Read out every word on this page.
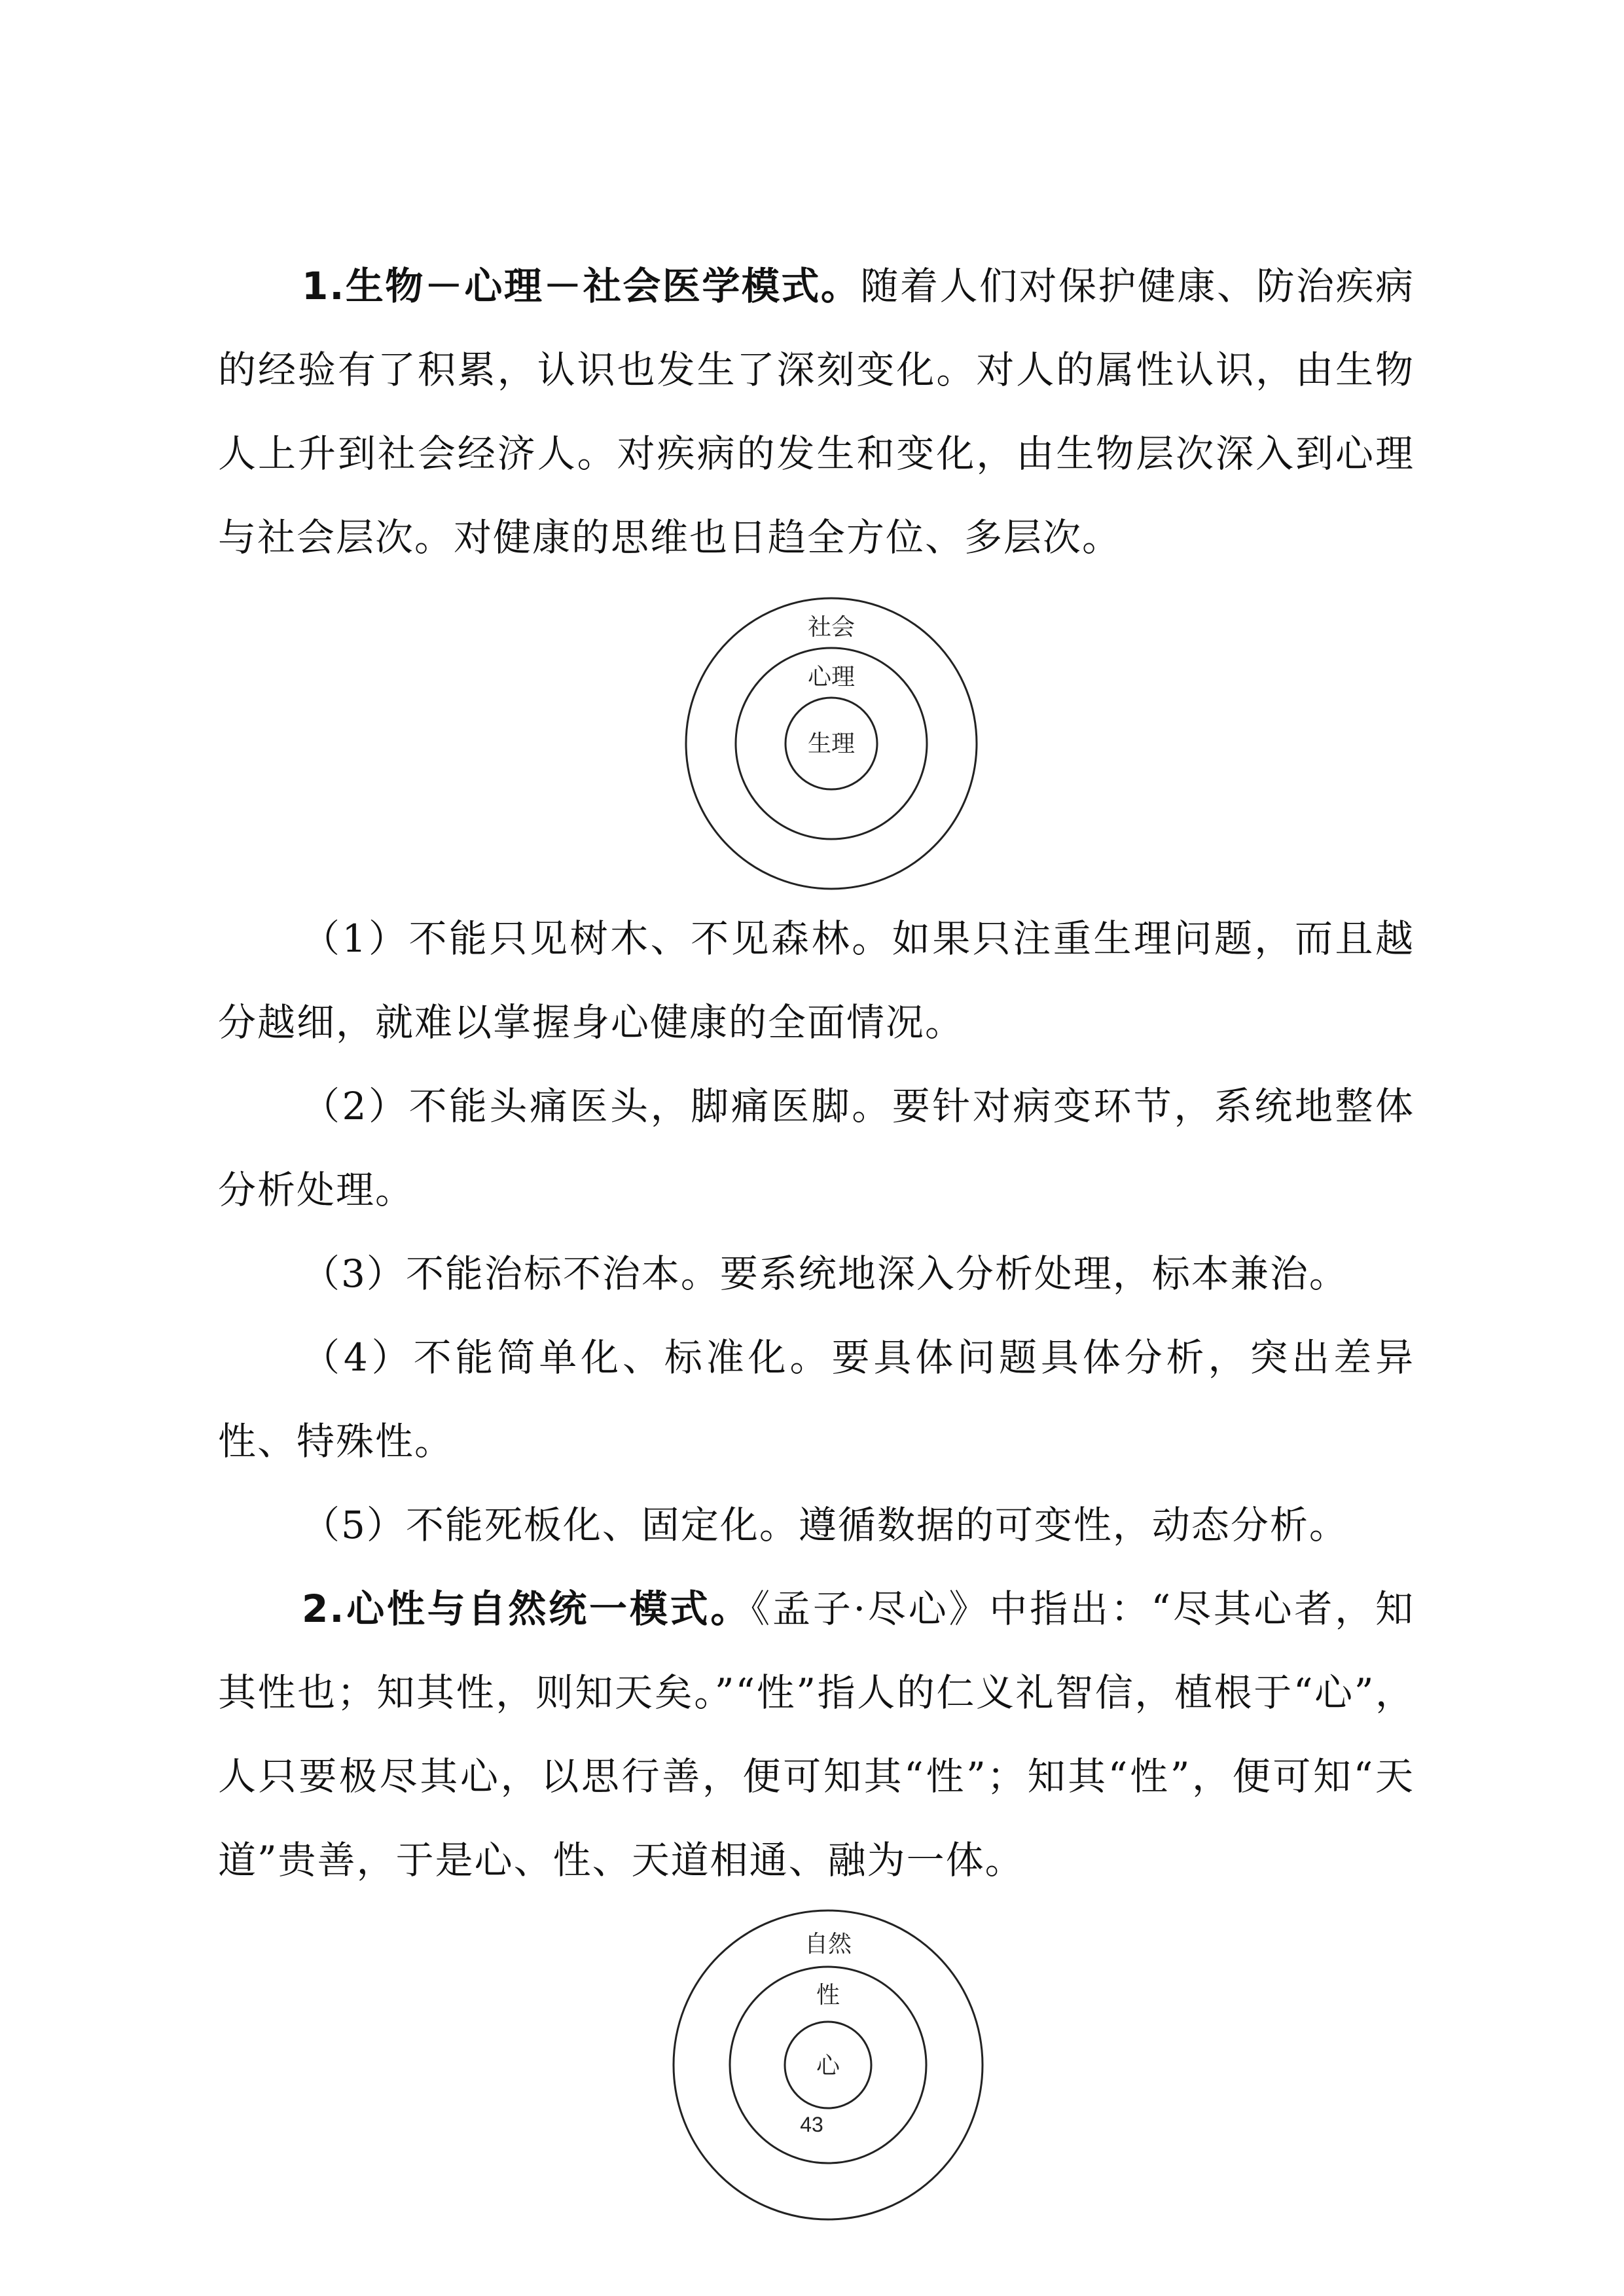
1.生物－心理－社会医学模式。随着人们对保护健康、防治疾病的经验有了积累，认识也发生了深刻变化。对人的属性认识，由生物人上升到社会经济人。对疾病的发生和变化，由生物层次深入到心理与社会层次。对健康的思维也日趋全方位、多层次。

社会
心理
生理

（1）不能只见树木、不见森林。如果只注重生理问题，而且越分越细，就难以掌握身心健康的全面情况。

（2）不能头痛医头，脚痛医脚。要针对病变环节，系统地整体分析处理。

（3）不能治标不治本。要系统地深入分析处理，标本兼治。

（4）不能简单化、标准化。要具体问题具体分析，突出差异性、特殊性。

（5）不能死板化、固定化。遵循数据的可变性，动态分析。

2.心性与自然统一模式。《孟子·尽心》中指出：“尽其心者，知其性也；知其性，则知天矣。”“性”指人的仁义礼智信，植根于“心”，人只要极尽其心，以思行善，便可知其“性”；知其“性”，便可知“天道”贵善，于是心、性、天道相通、融为一体。

自然
性
心
43
